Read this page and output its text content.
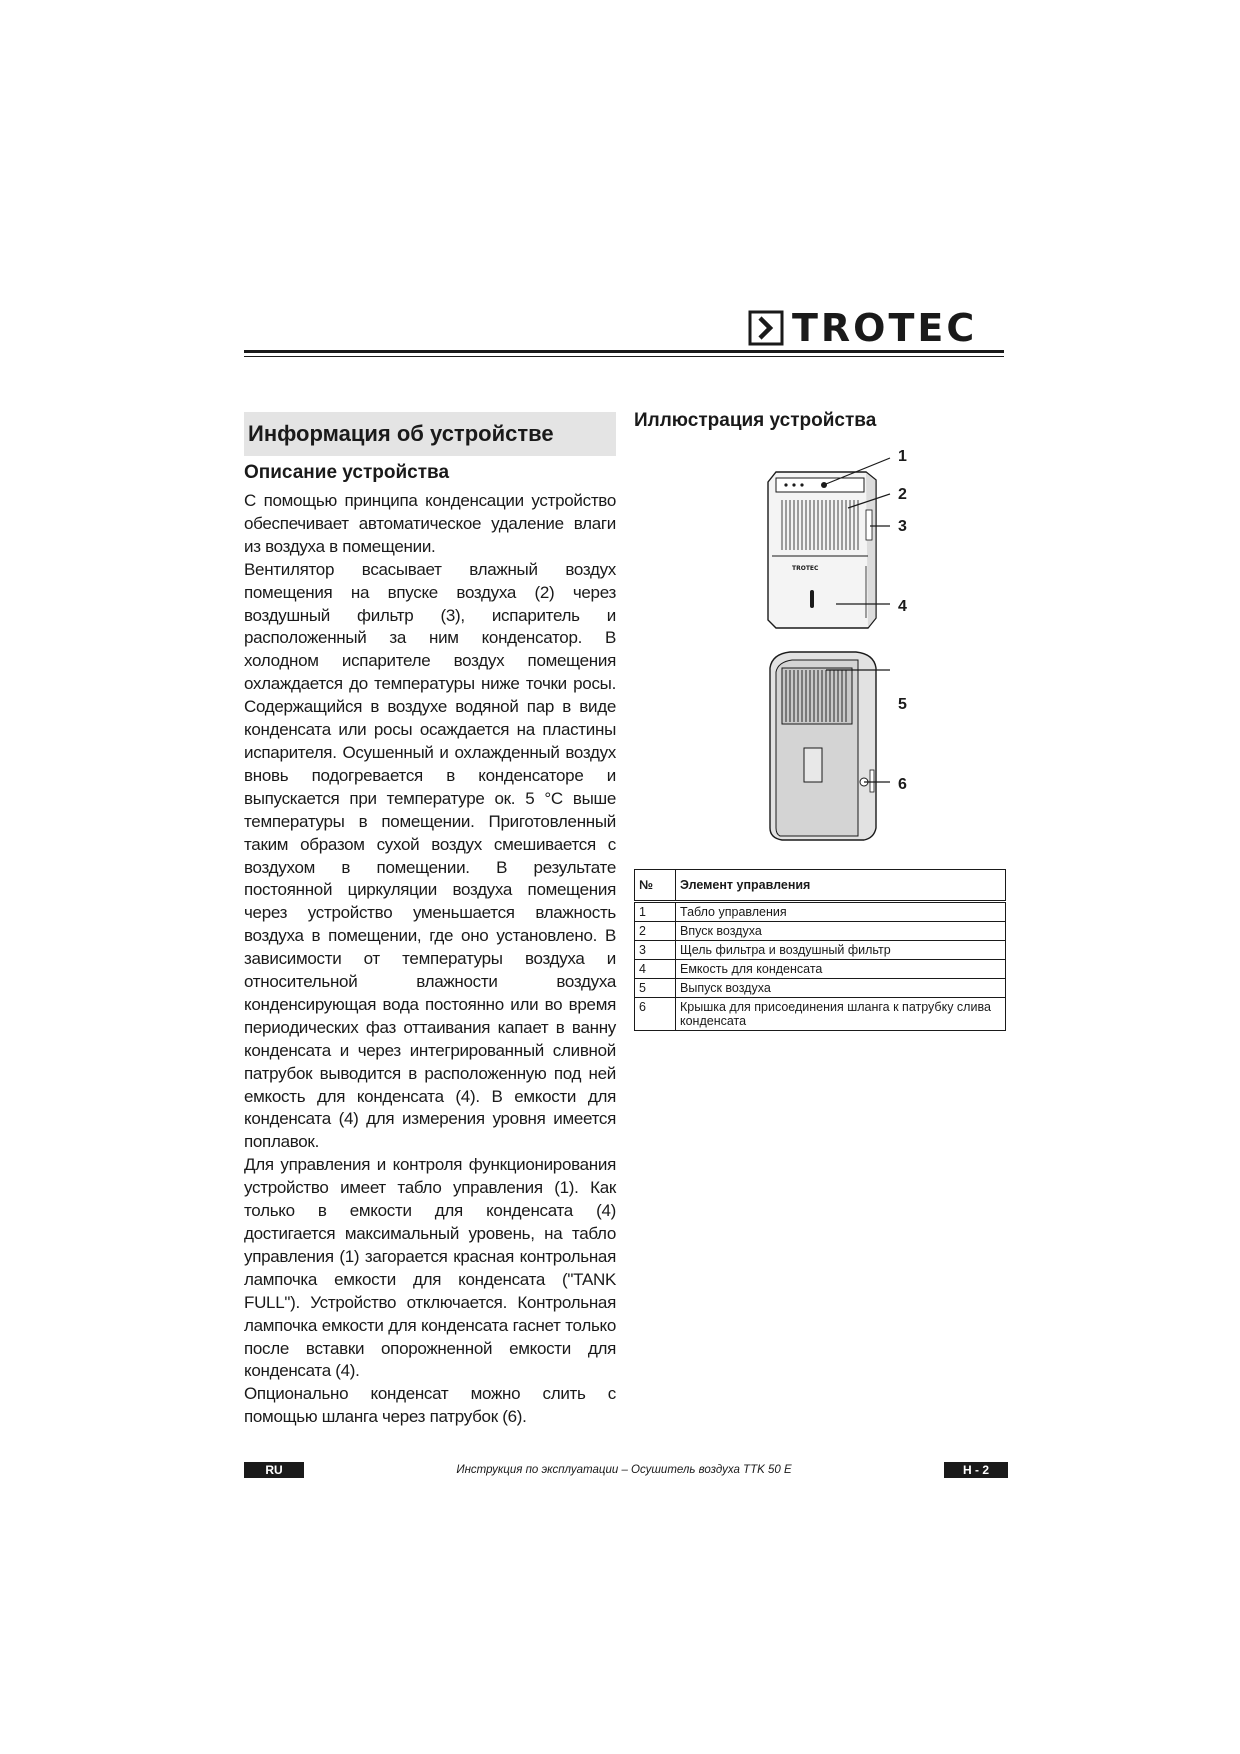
TROTEC
Информация об устройстве
Описание устройства

С помощью принципа конденсации устройство обеспечивает автоматическое удаление влаги из воздуха в помещении.

Вентилятор всасывает влажный воздух помещения на впуске воздуха (2) через воздушный фильтр (3), испаритель и расположенный за ним конденсатор. В холодном испарителе воздух помещения охлаждается до температуры ниже точки росы. Содержащийся в воздухе водяной пар в виде конденсата или росы осаждается на пластины испарителя. Осушенный и охлажденный воздух вновь подогревается в конденсаторе и выпускается при температуре ок. 5 °C выше температуры в помещении. Приготовленный таким образом сухой воздух смешивается с воздухом в помещении. В результате постоянной циркуляции воздуха помещения через устройство уменьшается влажность воздуха в помещении, где оно установлено. В зависимости от температуры воздуха и относительной влажности воздуха конденсирующая вода постоянно или во время периодических фаз оттаивания капает в ванну конденсата и через интегрированный сливной патрубок выводится в расположенную под ней емкость для конденсата (4). В емкости для конденсата (4) для измерения уровня имеется поплавок.

Для управления и контроля функционирования устройство имеет табло управления (1). Как только в емкости для конденсата (4) достигается максимальный уровень, на табло управления (1) загорается красная контрольная лампочка емкости для конденсата ("TANK FULL"). Устройство отключается. Контрольная лампочка емкости для конденсата гаснет только после вставки опорожненной емкости для конденсата (4).

Опционально конденсат можно слить с помощью шланга через патрубок (6).

Иллюстрация устройства
TROTEC
1
2
3
4
5
6
№	Элемент управления
1	Табло управления
2	Впуск воздуха
3	Щель фильтра и воздушный фильтр
4	Емкость для конденсата
5	Выпуск воздуха
6	Крышка для присоединения шланга к патрубку слива конденсата
RU	Инструкция по эксплуатации – Осушитель воздуха TTK 50 E	H - 2
